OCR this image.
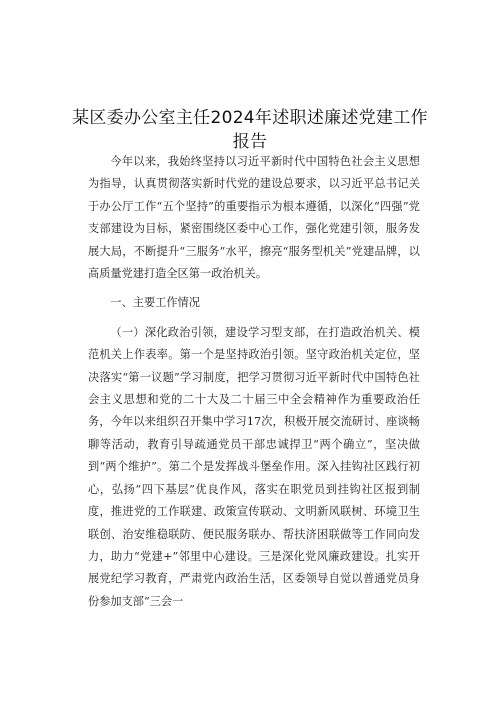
某区委办公室主任2024年述职述廉述党建工作
报告

今年以来，我始终坚持以习近平新时代中国特色社会主义思想为指导，认真贯彻落实新时代党的建设总要求，以习近平总书记关于办公厅工作“五个坚持”的重要指示为根本遵循，以深化“四强”党支部建设为目标，紧密围绕区委中心工作，强化党建引领，服务发展大局，不断提升“三服务”水平，擦亮“服务型机关”党建品牌，以高质量党建打造全区第一政治机关。

一、主要工作情况

（一）深化政治引领，建设学习型支部，在打造政治机关、模范机关上作表率。第一个是坚持政治引领。坚守政治机关定位，坚决落实“第一议题”学习制度，把学习贯彻习近平新时代中国特色社会主义思想和党的二十大及二十届三中全会精神作为重要政治任务，今年以来组织召开集中学习17次，积极开展交流研讨、座谈畅聊等活动，教育引导疏通党员干部忠诚捍卫“两个确立”，坚决做到“两个维护”。第二个是发挥战斗堡垒作用。深入挂钩社区践行初心，弘扬“四下基层”优良作风，落实在职党员到挂钩社区报到制度，推进党的工作联建、政策宣传联动、文明新风联树、环境卫生联创、治安维稳联防、便民服务联办、帮扶济困联做等工作同向发力，助力“党建+”邻里中心建设。三是深化党风廉政建设。扎实开展党纪学习教育，严肃党内政治生活，区委领导自觉以普通党员身份参加支部“三会一
